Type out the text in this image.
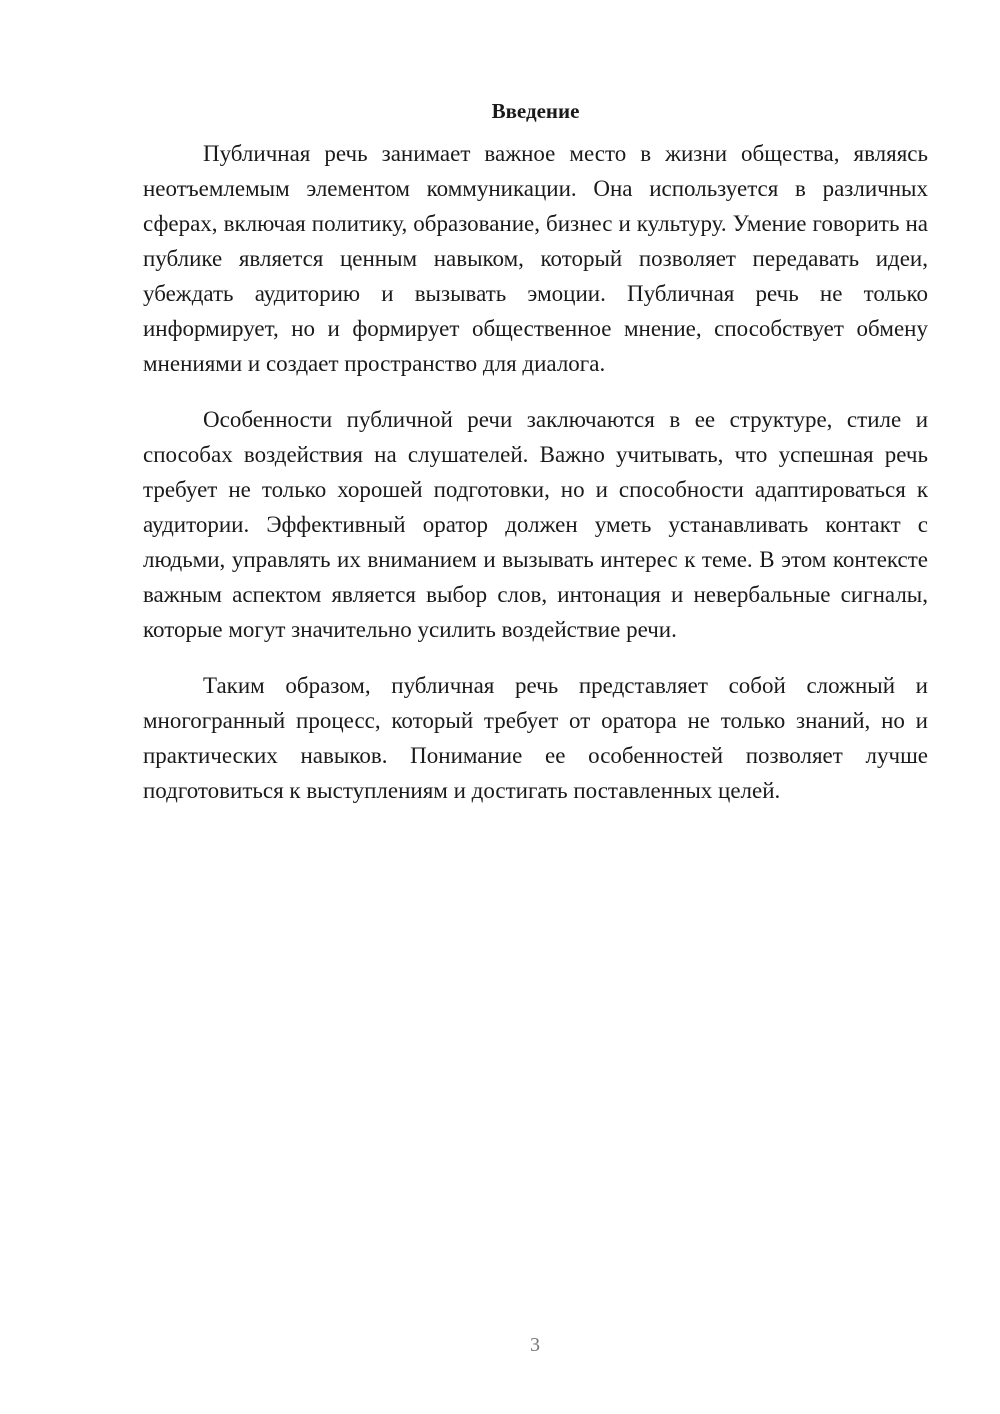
Введение

Публичная речь занимает важное место в жизни общества, являясь неотъемлемым элементом коммуникации. Она используется в различных сферах, включая политику, образование, бизнес и культуру. Умение говорить на публике является ценным навыком, который позволяет передавать идеи, убеждать аудиторию и вызывать эмоции. Публичная речь не только информирует, но и формирует общественное мнение, способствует обмену мнениями и создает пространство для диалога.

Особенности публичной речи заключаются в ее структуре, стиле и способах воздействия на слушателей. Важно учитывать, что успешная речь требует не только хорошей подготовки, но и способности адаптироваться к аудитории. Эффективный оратор должен уметь устанавливать контакт с людьми, управлять их вниманием и вызывать интерес к теме. В этом контексте важным аспектом является выбор слов, интонация и невербальные сигналы, которые могут значительно усилить воздействие речи.

Таким образом, публичная речь представляет собой сложный и многогранный процесс, который требует от оратора не только знаний, но и практических навыков. Понимание ее особенностей позволяет лучше подготовиться к выступлениям и достигать поставленных целей.

3
